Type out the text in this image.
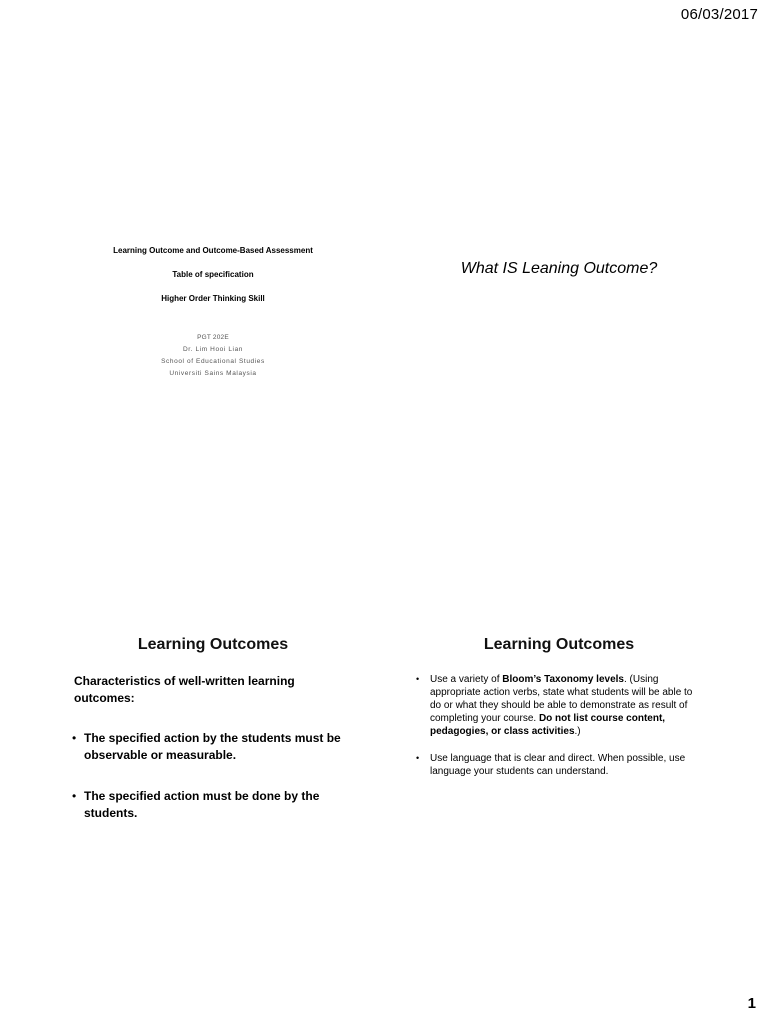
06/03/2017
Learning Outcome and Outcome-Based Assessment
Table of specification
Higher Order Thinking Skill
PGT 202E
Dr. Lim Hooi Lian
School of Educational Studies
Universiti Sains Malaysia
What IS Leaning Outcome?
Learning Outcomes
Characteristics of well-written learning outcomes:
• The specified action by the students must be observable or measurable.
• The specified action must be done by the students.
Learning Outcomes
• Use a variety of Bloom’s Taxonomy levels. (Using appropriate action verbs, state what students will be able to do or what they should be able to demonstrate as result of completing your course. Do not list course content, pedagogies, or class activities.)
• Use language that is clear and direct. When possible, use language your students can understand.
1
